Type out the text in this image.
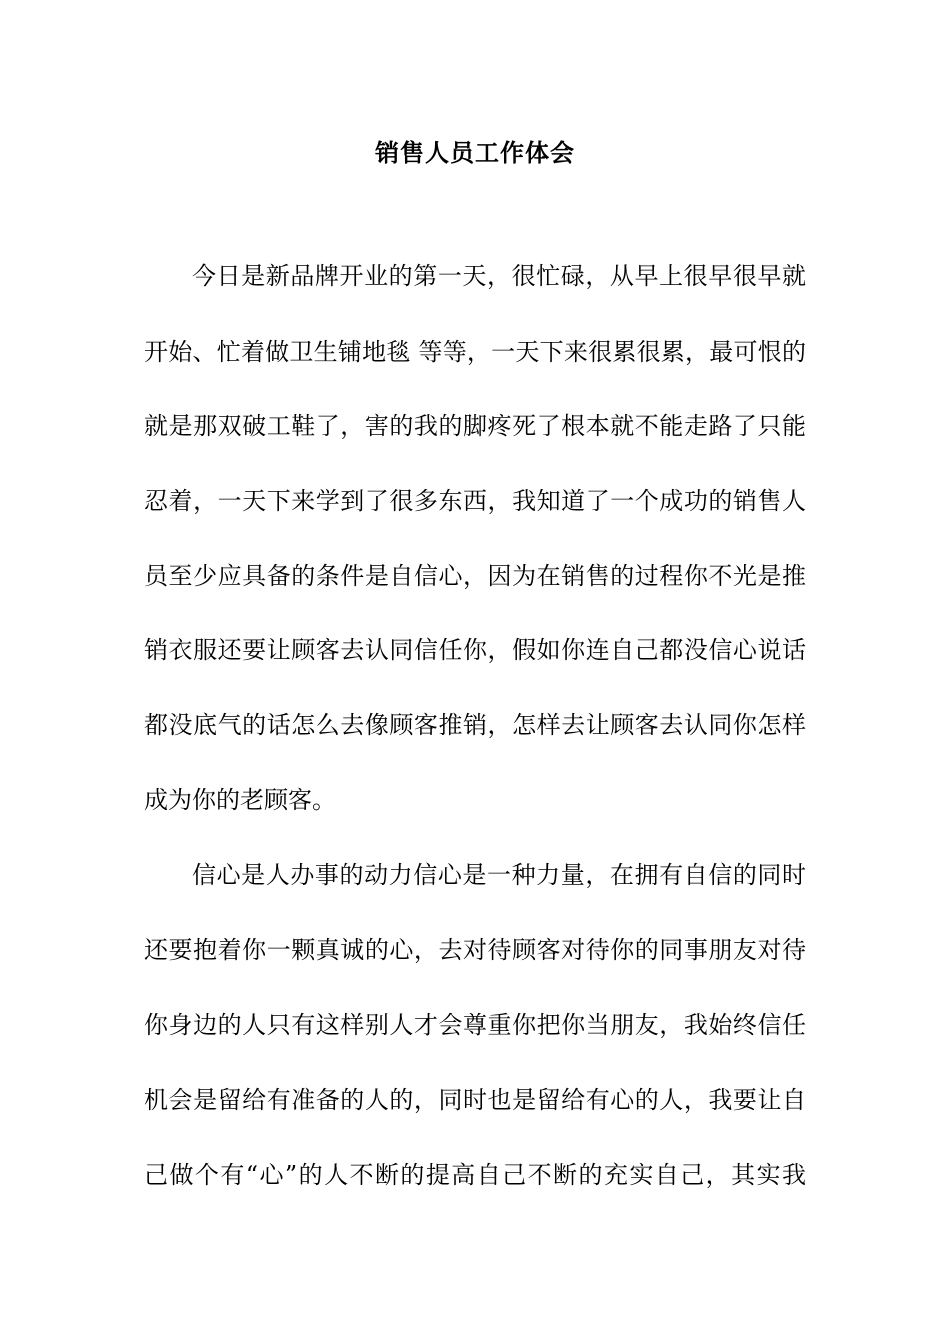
销售人员工作体会
今日是新品牌开业的第一天，很忙碌，从早上很早很早就
开始、忙着做卫生铺地毯 等等，一天下来很累很累，最可恨的
就是那双破工鞋了，害的我的脚疼死了根本就不能走路了只能
忍着，一天下来学到了很多东西，我知道了一个成功的销售人
员至少应具备的条件是自信心，因为在销售的过程你不光是推
销衣服还要让顾客去认同信任你，假如你连自己都没信心说话
都没底气的话怎么去像顾客推销，怎样去让顾客去认同你怎样
成为你的老顾客。
信心是人办事的动力信心是一种力量，在拥有自信的同时
还要抱着你一颗真诚的心，去对待顾客对待你的同事朋友对待
你身边的人只有这样别人才会尊重你把你当朋友，我始终信任
机会是留给有准备的人的，同时也是留给有心的人，我要让自
己做个有“心”的人不断的提高自己不断的充实自己，其实我
